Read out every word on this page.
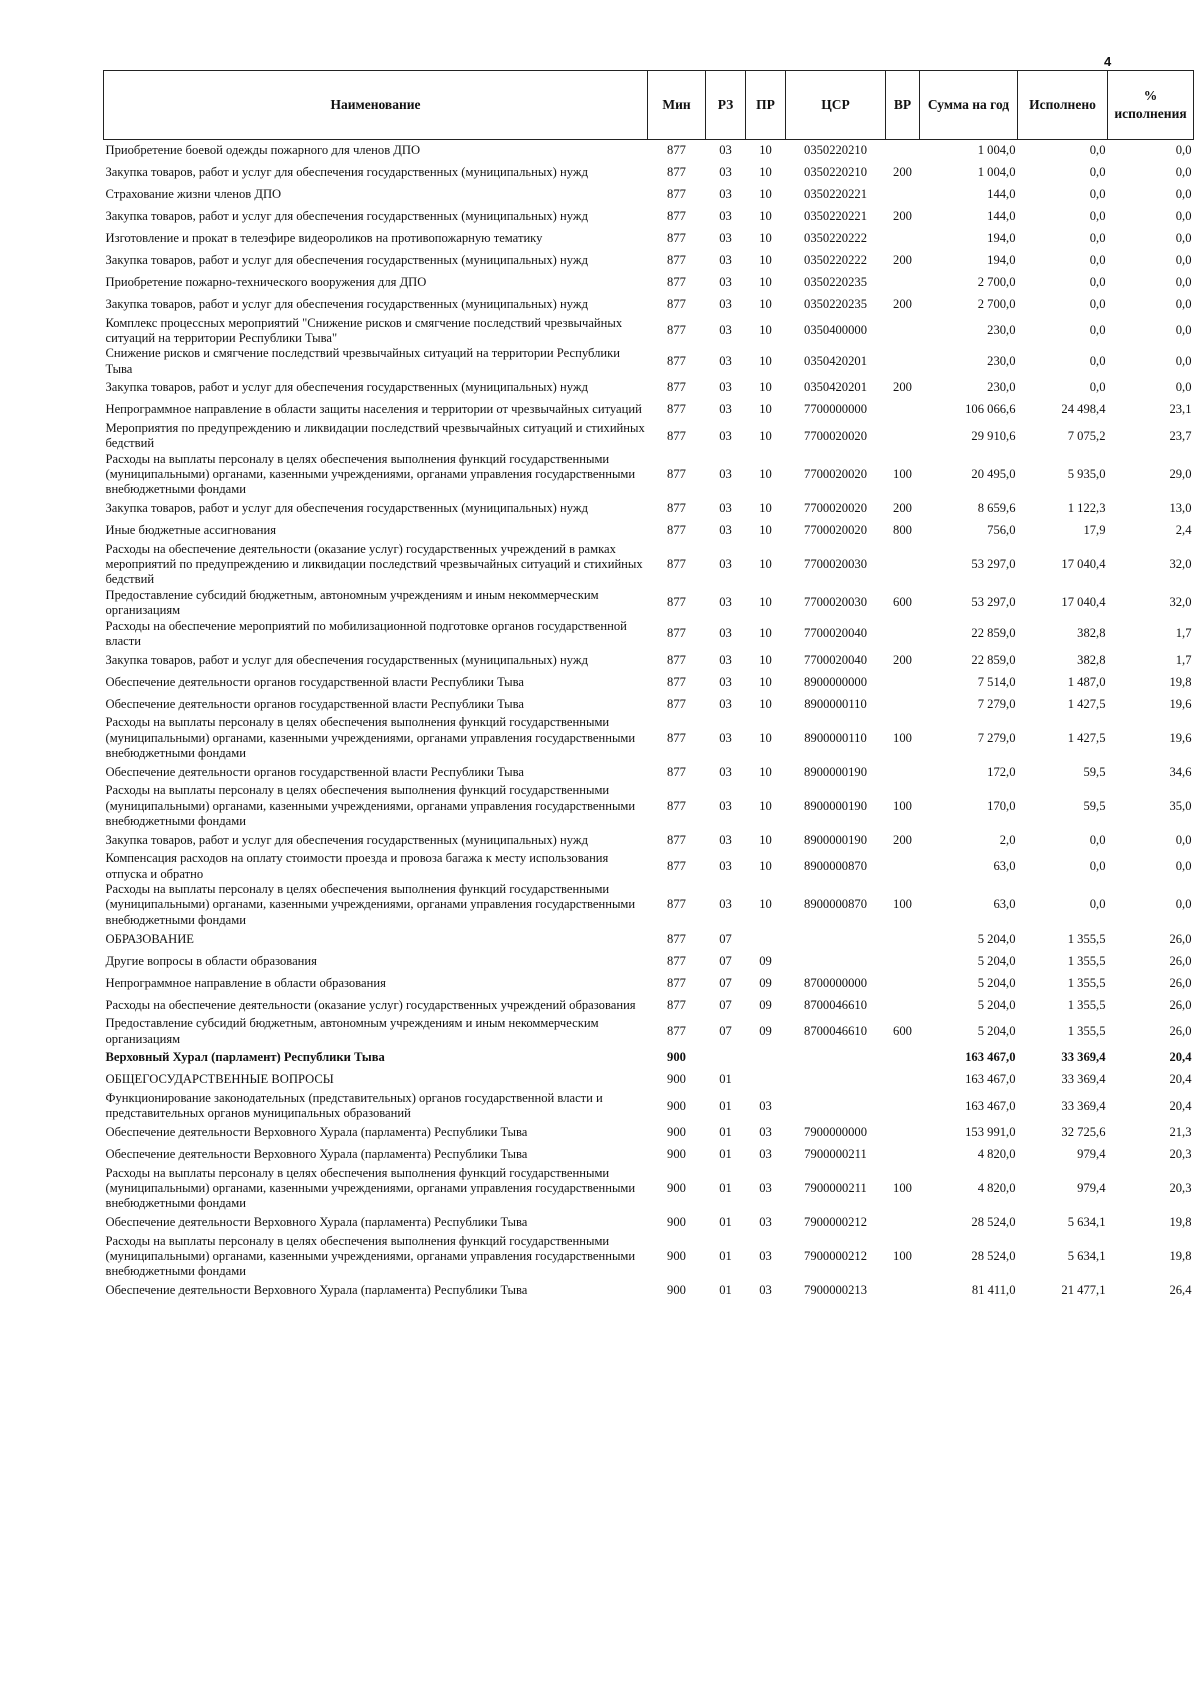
4
Наименование	Мин	РЗ	ПР	ЦСР	ВР	Сумма на год	Исполнено	% исполнения
Приобретение боевой одежды пожарного для членов ДПО	877	03	10	0350220210		1 004,0	0,0	0,0
Закупка товаров, работ и услуг для обеспечения государственных (муниципальных) нужд	877	03	10	0350220210	200	1 004,0	0,0	0,0
Страхование жизни членов ДПО	877	03	10	0350220221		144,0	0,0	0,0
Закупка товаров, работ и услуг для обеспечения государственных (муниципальных) нужд	877	03	10	0350220221	200	144,0	0,0	0,0
Изготовление и прокат в телеэфире видеороликов на противопожарную тематику	877	03	10	0350220222		194,0	0,0	0,0
Закупка товаров, работ и услуг для обеспечения государственных (муниципальных) нужд	877	03	10	0350220222	200	194,0	0,0	0,0
Приобретение пожарно-технического вооружения для ДПО	877	03	10	0350220235		2 700,0	0,0	0,0
Закупка товаров, работ и услуг для обеспечения государственных (муниципальных) нужд	877	03	10	0350220235	200	2 700,0	0,0	0,0
Комплекс процессных мероприятий "Снижение рисков и смягчение последствий чрезвычайных ситуаций на территории Республики Тыва"	877	03	10	0350400000		230,0	0,0	0,0
Снижение рисков и смягчение последствий чрезвычайных ситуаций на территории Республики Тыва	877	03	10	0350420201		230,0	0,0	0,0
Закупка товаров, работ и услуг для обеспечения государственных (муниципальных) нужд	877	03	10	0350420201	200	230,0	0,0	0,0
Непрограммное направление в области защиты населения и территории от чрезвычайных ситуаций	877	03	10	7700000000		106 066,6	24 498,4	23,1
Мероприятия по предупреждению и ликвидации последствий чрезвычайных ситуаций и стихийных бедствий	877	03	10	7700020020		29 910,6	7 075,2	23,7
Расходы на выплаты персоналу в целях обеспечения выполнения функций государственными (муниципальными) органами, казенными учреждениями, органами управления государственными внебюджетными фондами	877	03	10	7700020020	100	20 495,0	5 935,0	29,0
Закупка товаров, работ и услуг для обеспечения государственных (муниципальных) нужд	877	03	10	7700020020	200	8 659,6	1 122,3	13,0
Иные бюджетные ассигнования	877	03	10	7700020020	800	756,0	17,9	2,4
Расходы на обеспечение деятельности (оказание услуг) государственных учреждений в рамках мероприятий по предупреждению и ликвидации последствий чрезвычайных ситуаций и стихийных бедствий	877	03	10	7700020030		53 297,0	17 040,4	32,0
Предоставление субсидий бюджетным, автономным учреждениям и иным некоммерческим организациям	877	03	10	7700020030	600	53 297,0	17 040,4	32,0
Расходы на обеспечение мероприятий по мобилизационной подготовке органов государственной власти	877	03	10	7700020040		22 859,0	382,8	1,7
Закупка товаров, работ и услуг для обеспечения государственных (муниципальных) нужд	877	03	10	7700020040	200	22 859,0	382,8	1,7
Обеспечение деятельности органов государственной власти Республики Тыва	877	03	10	8900000000		7 514,0	1 487,0	19,8
Обеспечение деятельности органов государственной власти Республики Тыва	877	03	10	8900000110		7 279,0	1 427,5	19,6
Расходы на выплаты персоналу в целях обеспечения выполнения функций государственными (муниципальными) органами, казенными учреждениями, органами управления государственными внебюджетными фондами	877	03	10	8900000110	100	7 279,0	1 427,5	19,6
Обеспечение деятельности органов государственной власти Республики Тыва	877	03	10	8900000190		172,0	59,5	34,6
Расходы на выплаты персоналу в целях обеспечения выполнения функций государственными (муниципальными) органами, казенными учреждениями, органами управления государственными внебюджетными фондами	877	03	10	8900000190	100	170,0	59,5	35,0
Закупка товаров, работ и услуг для обеспечения государственных (муниципальных) нужд	877	03	10	8900000190	200	2,0	0,0	0,0
Компенсация расходов на оплату стоимости проезда и провоза багажа к месту использования отпуска и обратно	877	03	10	8900000870		63,0	0,0	0,0
Расходы на выплаты персоналу в целях обеспечения выполнения функций государственными (муниципальными) органами, казенными учреждениями, органами управления государственными внебюджетными фондами	877	03	10	8900000870	100	63,0	0,0	0,0
ОБРАЗОВАНИЕ	877	07				5 204,0	1 355,5	26,0
Другие вопросы в области образования	877	07	09			5 204,0	1 355,5	26,0
Непрограммное направление в области образования	877	07	09	8700000000		5 204,0	1 355,5	26,0
Расходы на обеспечение деятельности (оказание услуг) государственных учреждений образования	877	07	09	8700046610		5 204,0	1 355,5	26,0
Предоставление субсидий бюджетным, автономным учреждениям и иным некоммерческим организациям	877	07	09	8700046610	600	5 204,0	1 355,5	26,0
Верховный Хурал (парламент) Республики Тыва	900					163 467,0	33 369,4	20,4
ОБЩЕГОСУДАРСТВЕННЫЕ ВОПРОСЫ	900	01				163 467,0	33 369,4	20,4
Функционирование законодательных (представительных) органов государственной власти и представительных органов муниципальных образований	900	01	03			163 467,0	33 369,4	20,4
Обеспечение деятельности Верховного Хурала (парламента) Республики Тыва	900	01	03	7900000000		153 991,0	32 725,6	21,3
Обеспечение деятельности Верховного Хурала (парламента) Республики Тыва	900	01	03	7900000211		4 820,0	979,4	20,3
Расходы на выплаты персоналу в целях обеспечения выполнения функций государственными (муниципальными) органами, казенными учреждениями, органами управления государственными внебюджетными фондами	900	01	03	7900000211	100	4 820,0	979,4	20,3
Обеспечение деятельности Верховного Хурала (парламента) Республики Тыва	900	01	03	7900000212		28 524,0	5 634,1	19,8
Расходы на выплаты персоналу в целях обеспечения выполнения функций государственными (муниципальными) органами, казенными учреждениями, органами управления государственными внебюджетными фондами	900	01	03	7900000212	100	28 524,0	5 634,1	19,8
Обеспечение деятельности Верховного Хурала (парламента) Республики Тыва	900	01	03	7900000213		81 411,0	21 477,1	26,4
